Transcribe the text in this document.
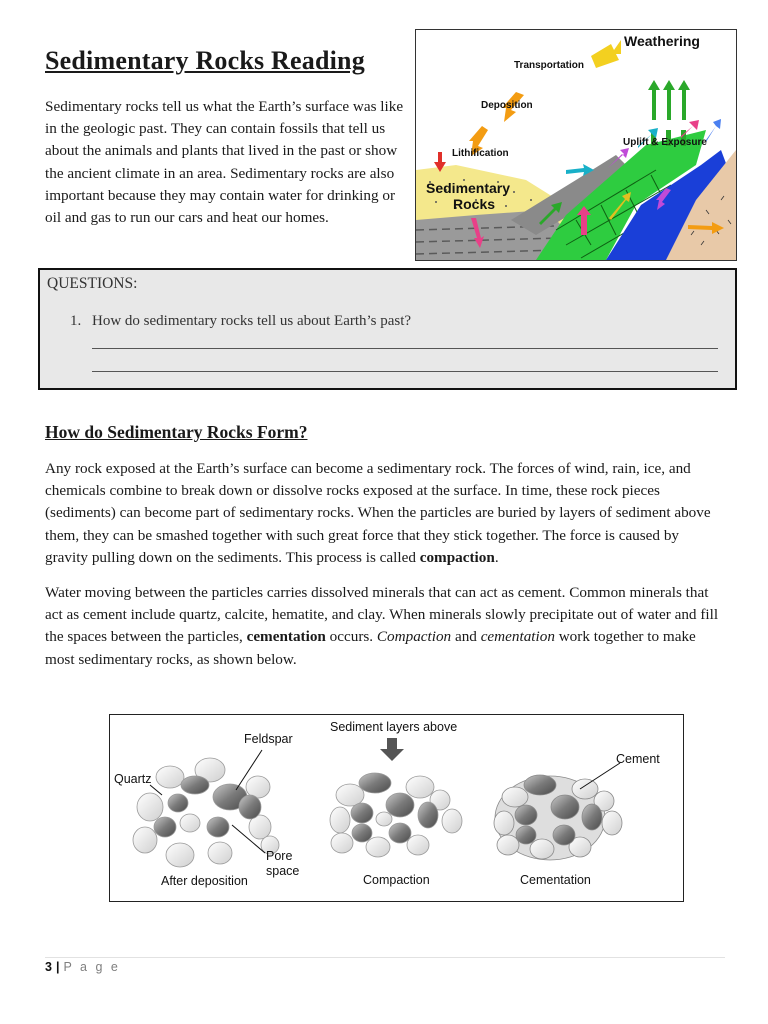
Sedimentary Rocks Reading

Sedimentary rocks tell us what the Earth’s surface was like in the geologic past. They can contain fossils that tell us about the animals and plants that lived in the past or show the ancient climate in an area. Sedimentary rocks are also important because they may contain water for drinking or oil and gas to run our cars and heat our homes.

Weathering
Transportation
Deposition
Lithification
Uplift & Exposure
Sedimentary
Rocks
QUESTIONS:
1. How do sedimentary rocks tell us about Earth’s past?
How do Sedimentary Rocks Form?

Any rock exposed at the Earth’s surface can become a sedimentary rock. The forces of wind, rain, ice, and chemicals combine to break down or dissolve rocks exposed at the surface. In time, these rock pieces (sediments) can become part of sedimentary rocks. When the particles are buried by layers of sediment above them, they can be smashed together with such great force that they stick together. The force is caused by gravity pulling down on the sediments. This process is called compaction.

Water moving between the particles carries dissolved minerals that can act as cement. Common minerals that act as cement include quartz, calcite, hematite, and clay. When minerals slowly precipitate out of water and fill the spaces between the particles, cementation occurs. Compaction and cementation work together to make most sedimentary rocks, as shown below.

Feldspar
Quartz
Pore
space
Sediment layers above
Cement
After deposition	Compaction	Cementation
3 | P a g e
